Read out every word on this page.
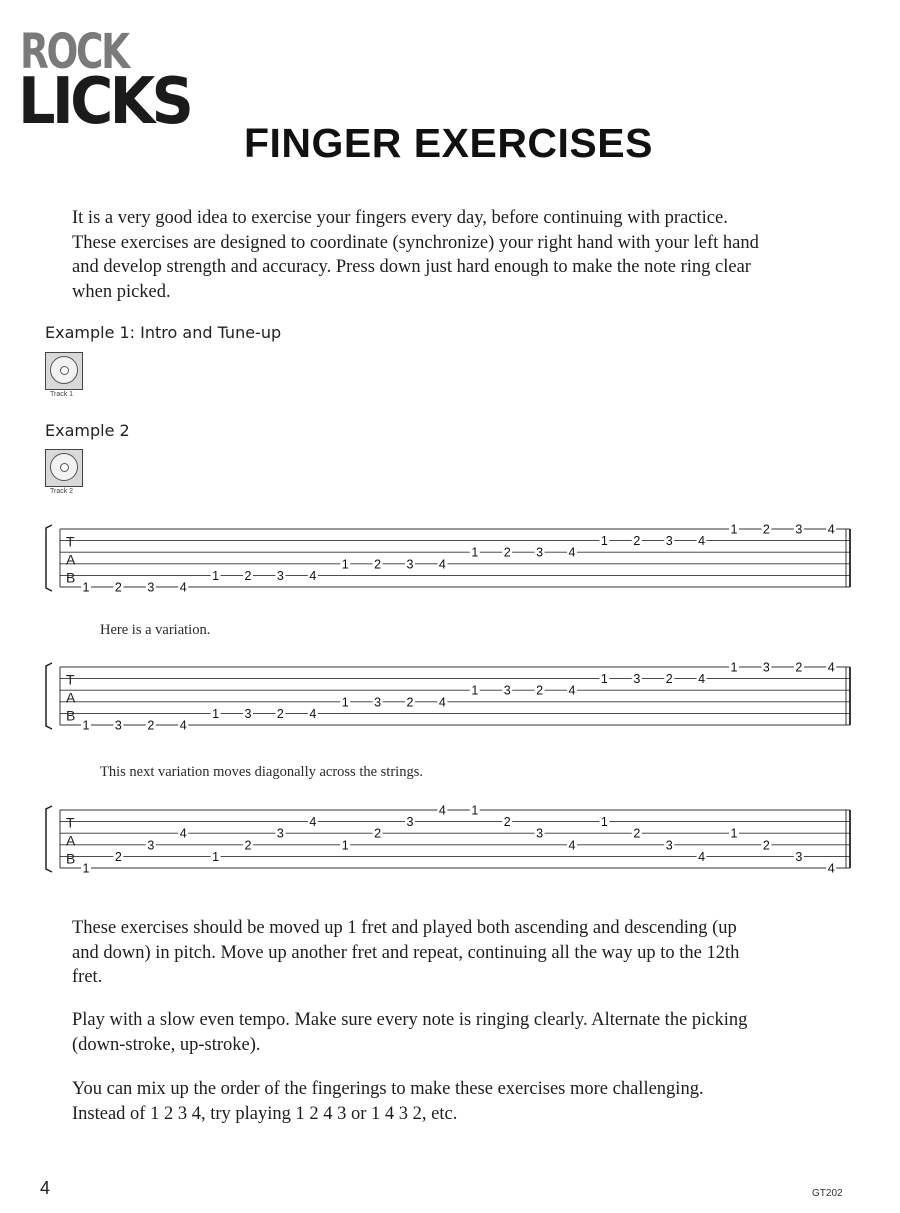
ROCK
LICKS
FINGER EXERCISES
It is a very good idea to exercise your fingers every day, before continuing with practice.
These exercises are designed to coordinate (synchronize) your right hand with your left hand
and develop strength and accuracy. Press down just hard enough to make the note ring clear
when picked.
Example 1: Intro and Tune-up
Track 1
Example 2
Track 2
T
A
B
1 2 3 4
1 2 3 4
1 2 3 4
1 2 3 4
1 2 3 4
1 2 3 4
Here is a variation.
T
A
B
1 3 2 4
1 3 2 4
1 3 2 4
1 3 2 4
1 3 2 4
1 3 2 4
This next variation moves diagonally across the strings.
T
A
B
1
2
3
4
1
2
3
4
1
2
3
4 1
2
3
4
1
2
3
4
1
2
3
4
These exercises should be moved up 1 fret and played both ascending and descending (up
and down) in pitch. Move up another fret and repeat, continuing all the way up to the 12th
fret.
Play with a slow even tempo. Make sure every note is ringing clearly. Alternate the picking
(down-stroke, up-stroke).
You can mix up the order of the fingerings to make these exercises more challenging.
Instead of 1 2 3 4, try playing 1 2 4 3 or 1 4 3 2, etc.
4	GT202
